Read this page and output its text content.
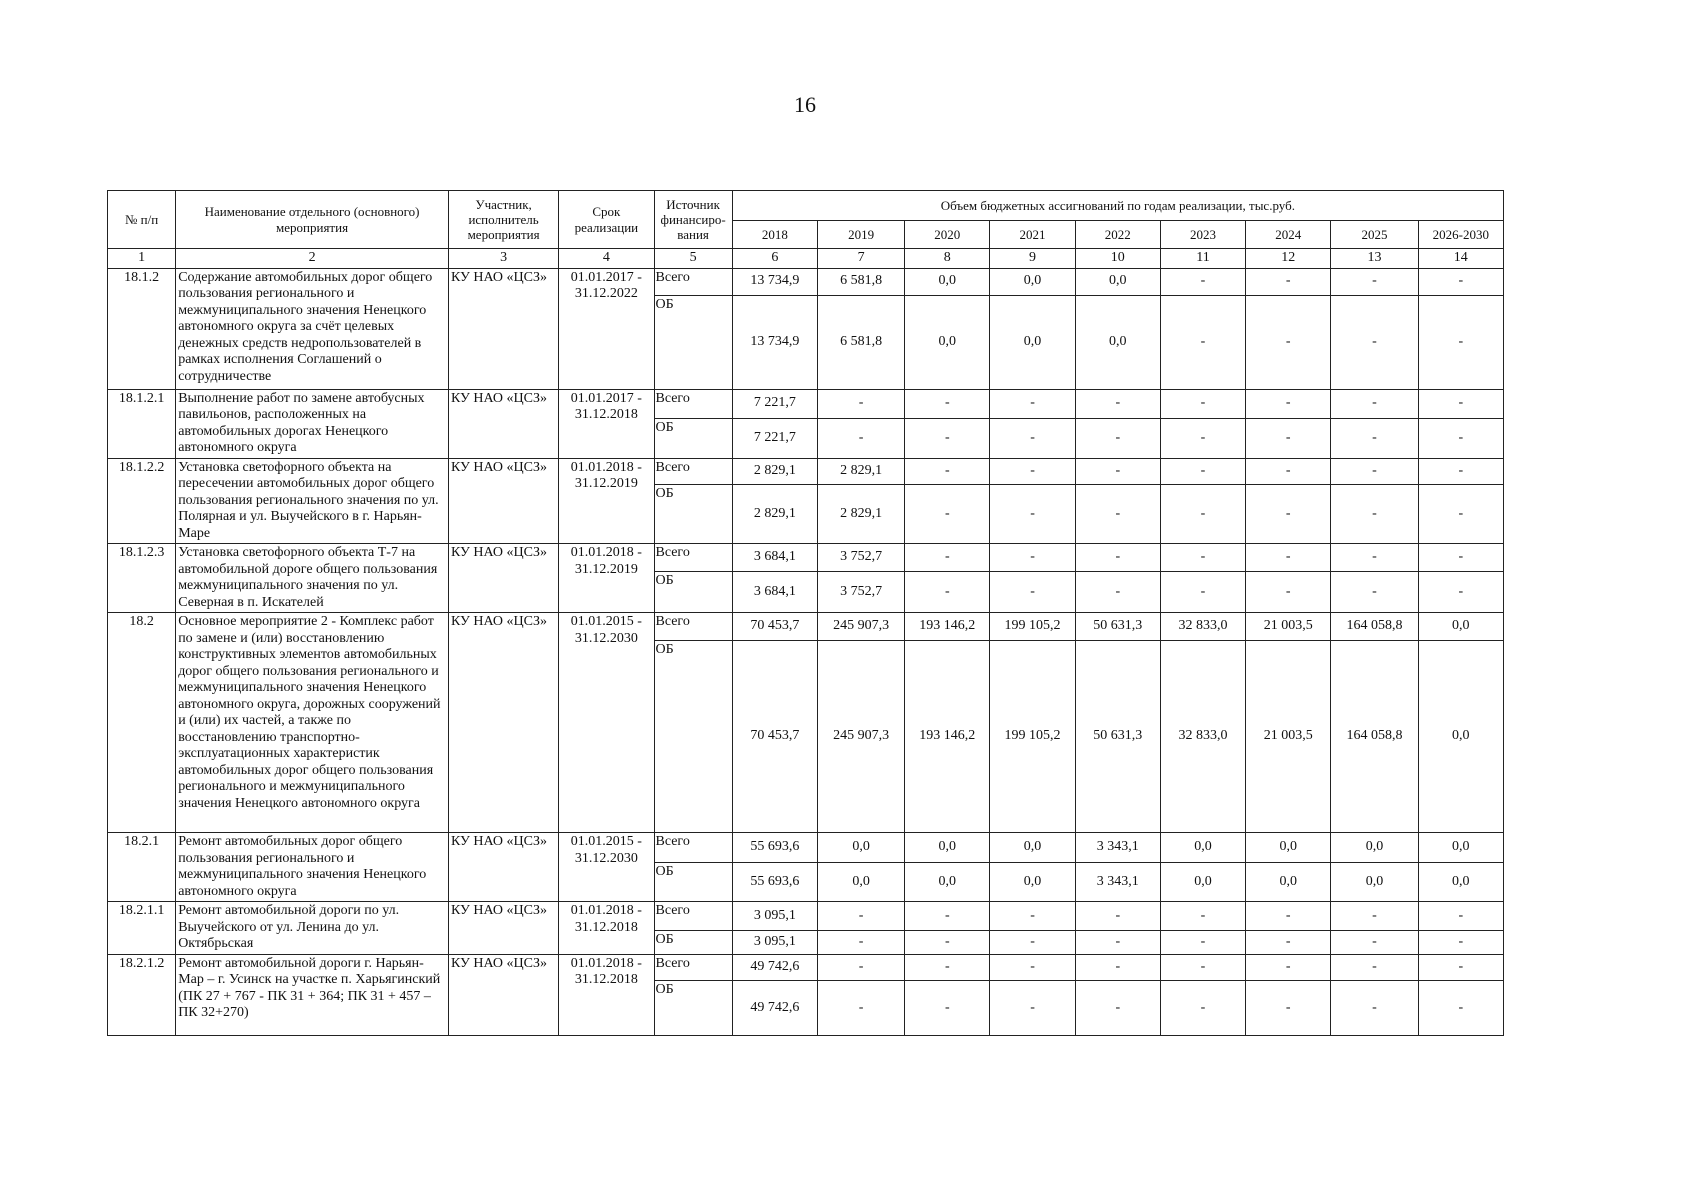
16
№ п/п	Наименование отдельного (основного) мероприятия	Участник, исполнитель мероприятия	Срок реализации	Источник финансиро-вания	Объем бюджетных ассигнований по годам реализации, тыс.руб.								
					2018	2019	2020	2021	2022	2023	2024	2025	2026-2030
1	2	3	4	5	6	7	8	9	10	11	12	13	14
18.1.2	Содержание автомобильных дорог общего пользования регионального и межмуниципального значения Ненецкого автономного округа за счёт целевых денежных средств недропользователей в рамках исполнения Соглашений о сотрудничестве	КУ НАО «ЦСЗ»	01.01.2017 - 31.12.2022	Всего	13 734,9	6 581,8	0,0	0,0	0,0	-	-	-	-
				ОБ	13 734,9	6 581,8	0,0	0,0	0,0	-	-	-	-
18.1.2.1	Выполнение работ по замене автобусных павильонов, расположенных на автомобильных дорогах Ненецкого автономного округа	КУ НАО «ЦСЗ»	01.01.2017 - 31.12.2018	Всего	7 221,7	-	-	-	-	-	-	-	-
				ОБ	7 221,7	-	-	-	-	-	-	-	-
18.1.2.2	Установка светофорного объекта на пересечении автомобильных дорог общего пользования регионального значения по ул. Полярная и ул. Выучейского в г. Нарьян-Маре	КУ НАО «ЦСЗ»	01.01.2018 - 31.12.2019	Всего	2 829,1	2 829,1	-	-	-	-	-	-	-
				ОБ	2 829,1	2 829,1	-	-	-	-	-	-	-
18.1.2.3	Установка светофорного объекта Т-7 на автомобильной дороге общего пользования межмуниципального значения по ул. Северная в п. Искателей	КУ НАО «ЦСЗ»	01.01.2018 - 31.12.2019	Всего	3 684,1	3 752,7	-	-	-	-	-	-	-
				ОБ	3 684,1	3 752,7	-	-	-	-	-	-	-
18.2	Основное мероприятие 2 - Комплекс работ по замене и (или) восстановлению конструктивных элементов автомобильных дорог общего пользования регионального и межмуниципального значения Ненецкого автономного округа, дорожных сооружений и (или) их частей, а также по восстановлению транспортно-эксплуатационных характеристик автомобильных дорог общего пользования регионального и межмуниципального значения Ненецкого автономного округа	КУ НАО «ЦСЗ»	01.01.2015 - 31.12.2030	Всего	70 453,7	245 907,3	193 146,2	199 105,2	50 631,3	32 833,0	21 003,5	164 058,8	0,0
				ОБ	70 453,7	245 907,3	193 146,2	199 105,2	50 631,3	32 833,0	21 003,5	164 058,8	0,0
18.2.1	Ремонт автомобильных дорог общего пользования регионального и межмуниципального значения Ненецкого автономного округа	КУ НАО «ЦСЗ»	01.01.2015 - 31.12.2030	Всего	55 693,6	0,0	0,0	0,0	3 343,1	0,0	0,0	0,0	0,0
				ОБ	55 693,6	0,0	0,0	0,0	3 343,1	0,0	0,0	0,0	0,0
18.2.1.1	Ремонт автомобильной дороги по ул. Выучейского от ул. Ленина до ул. Октябрьская	КУ НАО «ЦСЗ»	01.01.2018 - 31.12.2018	Всего	3 095,1	-	-	-	-	-	-	-	-
				ОБ	3 095,1	-	-	-	-	-	-	-	-
18.2.1.2	Ремонт автомобильной дороги г. Нарьян-Мар – г. Усинск на участке п. Харьягинский (ПК 27 + 767 - ПК 31 + 364; ПК 31 + 457 – ПК 32+270)	КУ НАО «ЦСЗ»	01.01.2018 - 31.12.2018	Всего	49 742,6	-	-	-	-	-	-	-	-
				ОБ	49 742,6	-	-	-	-	-	-	-	-
